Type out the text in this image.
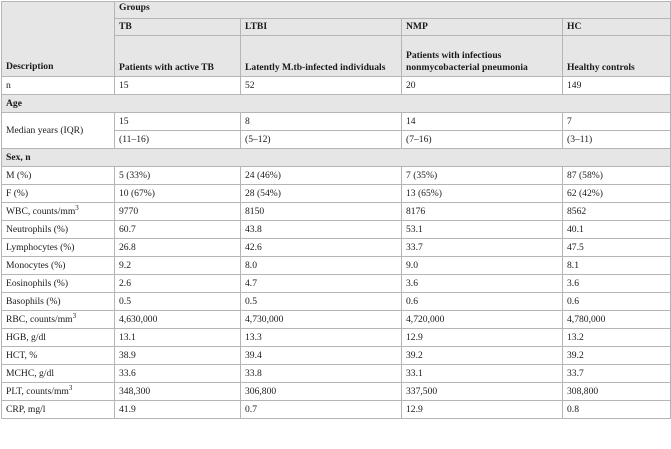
Description	Groups			
	TB	LTBI	NMP	HC
	Patients with active TB	Latently M.tb-infected individuals	Patients with infectious nonmycobacterial pneumonia	Healthy controls
n	15	52	20	149
Age				
Median years (IQR)	15	8	14	7
	(11–16)	(5–12)	(7–16)	(3–11)
Sex, n				
M (%)	5 (33%)	24 (46%)	7 (35%)	87 (58%)
F (%)	10 (67%)	28 (54%)	13 (65%)	62 (42%)
WBC, counts/$mm^3$	9770	8150	8176	8562
Neutrophils (%)	60.7	43.8	53.1	40.1
Lymphocytes (%)	26.8	42.6	33.7	47.5
Monocytes (%)	9.2	8.0	9.0	8.1
Eosinophils (%)	2.6	4.7	3.6	3.6
Basophils (%)	0.5	0.5	0.6	0.6
RBC, counts/$mm^3$	4,630,000	4,730,000	4,720,000	4,780,000
HGB, g/dl	13.1	13.3	12.9	13.2
HCT, %	38.9	39.4	39.2	39.2
MCHC, g/dl	33.6	33.8	33.1	33.7
PLT, counts/$mm^3$	348,300	306,800	337,500	308,800
CRP, mg/l	41.9	0.7	12.9	0.8
